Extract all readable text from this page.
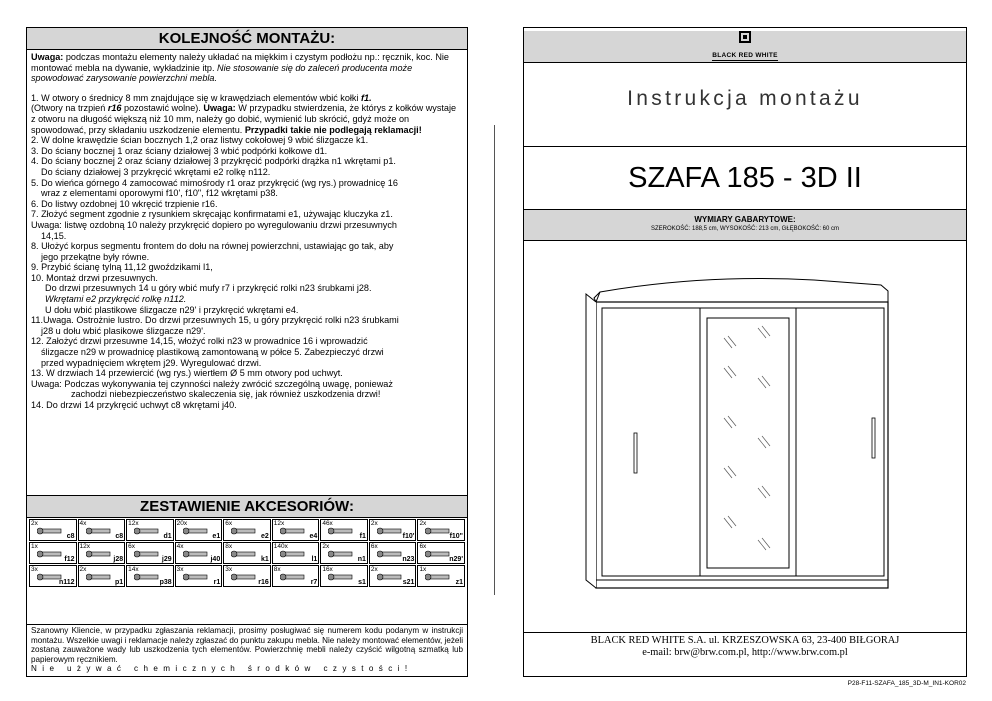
KOLEJNOŚĆ MONTAŻU:

Uwaga: podczas montażu elementy należy układać na miękkim i czystym podłożu np.: ręcznik, koc. Nie montować mebla na dywanie, wykładzinie itp. Nie stosowanie się do zaleceń producenta może spowodować zarysowanie powierzchni mebla.

1. W otwory o średnicy 8 mm znajdujące się w krawędziach elementów wbić kołki f1.
(Otwory na trzpień r16 pozostawić wolne). Uwaga: W przypadku stwierdzenia, że którys z kołków wystaje z otworu na długość większą niż 10 mm, należy go dobić, wymienić lub skrócić, gdyż może on spowodować, przy składaniu uszkodzenie elementu. Przypadki takie nie podlegają reklamacji!

2. W dolne krawędzie ścian bocznych 1,2 oraz listwy cokołowej 9 wbić ślizgacze k1.

3. Do ściany bocznej 1 oraz ściany działowej 3 wbić podpórki kołkowe d1.

4. Do ściany bocznej 2 oraz ściany działowej 3 przykręcić podpórki drążka n1 wkrętami p1.

Do ściany działowej 3 przykręcić wkrętami e2 rolkę n112.

5. Do wieńca górnego 4 zamocować mimośrody r1 oraz przykręcić (wg rys.) prowadnicę 16

wraz z elementami oporowymi f10', f10", f12 wkrętami p38.

6. Do listwy ozdobnej 10 wkręcić trzpienie r16.

7. Złożyć segment zgodnie z rysunkiem skręcając konfirmatami e1, używając kluczyka z1.

Uwaga: listwę ozdobną 10 należy przykręcić dopiero po wyregulowaniu drzwi przesuwnych

14,15.

8. Ułożyć korpus segmentu frontem do dołu na równej powierzchni, ustawiając go tak, aby

jego przekątne były równe.

9. Przybić ścianę tylną 11,12 gwoździkami l1,

10. Montaż drzwi przesuwnych.

Do drzwi przesuwnych 14 u góry wbić mufy r7 i przykręcić rolki n23 śrubkami j28.

Wkrętami e2 przykręcić rolkę n112.

U dołu wbić plastikowe ślizgacze n29' i przykręcić wkrętami e4.

11.Uwaga. Ostrożnie lustro. Do drzwi przesuwnych 15, u góry przykręcić rolki n23 śrubkami

j28 u dołu wbić plasikowe ślizgacze n29'.

12. Założyć drzwi przesuwne 14,15, włożyć rolki n23 w prowadnice 16 i wprowadzić

ślizgacze n29 w prowadnicę plastikową zamontowaną w półce 5. Zabezpieczyć drzwi

przed wypadnięciem wkrętem j29. Wyregulować drzwi.

13. W drzwiach 14 przewiercić (wg rys.) wiertłem Ø 5 mm otwory pod uchwyt.

Uwaga: Podczas wykonywania tej czynności należy zwrócić szczególną uwagę, ponieważ

zachodzi niebezpieczeństwo skaleczenia się, jak również uszkodzenia drzwi!

14. Do drzwi 14 przykręcić uchwyt c8 wkrętami j40.

ZESTAWIENIE AKCESORIÓW:
2x
c8
4x
c8
12x
d1
20x
e1
6x
e2
12x
e4
46x
f1
2x
f10'
2x
f10"
1x
f12
12x
j28
6x
j29
4x
j40
8x
k1
140x
l1
2x
n1
6x
n23
6x
n29'
3x
n112
2x
p1
14x
p38
3x
r1
3x
r16
8x
r7
16x
s1
2x
s21
1x
z1
Szanowny Kliencie, w przypadku zgłaszania reklamacji, prosimy posługiwać się numerem kodu podanym w instrukcji montażu. Wszelkie uwagi i reklamacje należy zgłaszać do punktu zakupu mebla. Nie należy montować elementów, jeżeli zostaną zauważone wady lub uszkodzenia tych elementów. Powierzchnię mebli należy czyścić wilgotną szmatką lub papierowym ręcznikiem.
Nie używać chemicznych środków czystości!
BLACK RED WHITE
Instrukcja montażu
SZAFA 185 - 3D II
WYMIARY GABARYTOWE:
SZEROKOŚĆ: 188,5 cm, WYSOKOŚĆ: 213 cm, GŁĘBOKOŚĆ: 60 cm
BLACK RED WHITE S.A. ul. KRZESZOWSKA 63, 23-400 BIŁGORAJ
e-mail: brw@brw.com.pl, http://www.brw.com.pl
P28-F11-SZAFA_185_3D-M_IN1-KOR02
